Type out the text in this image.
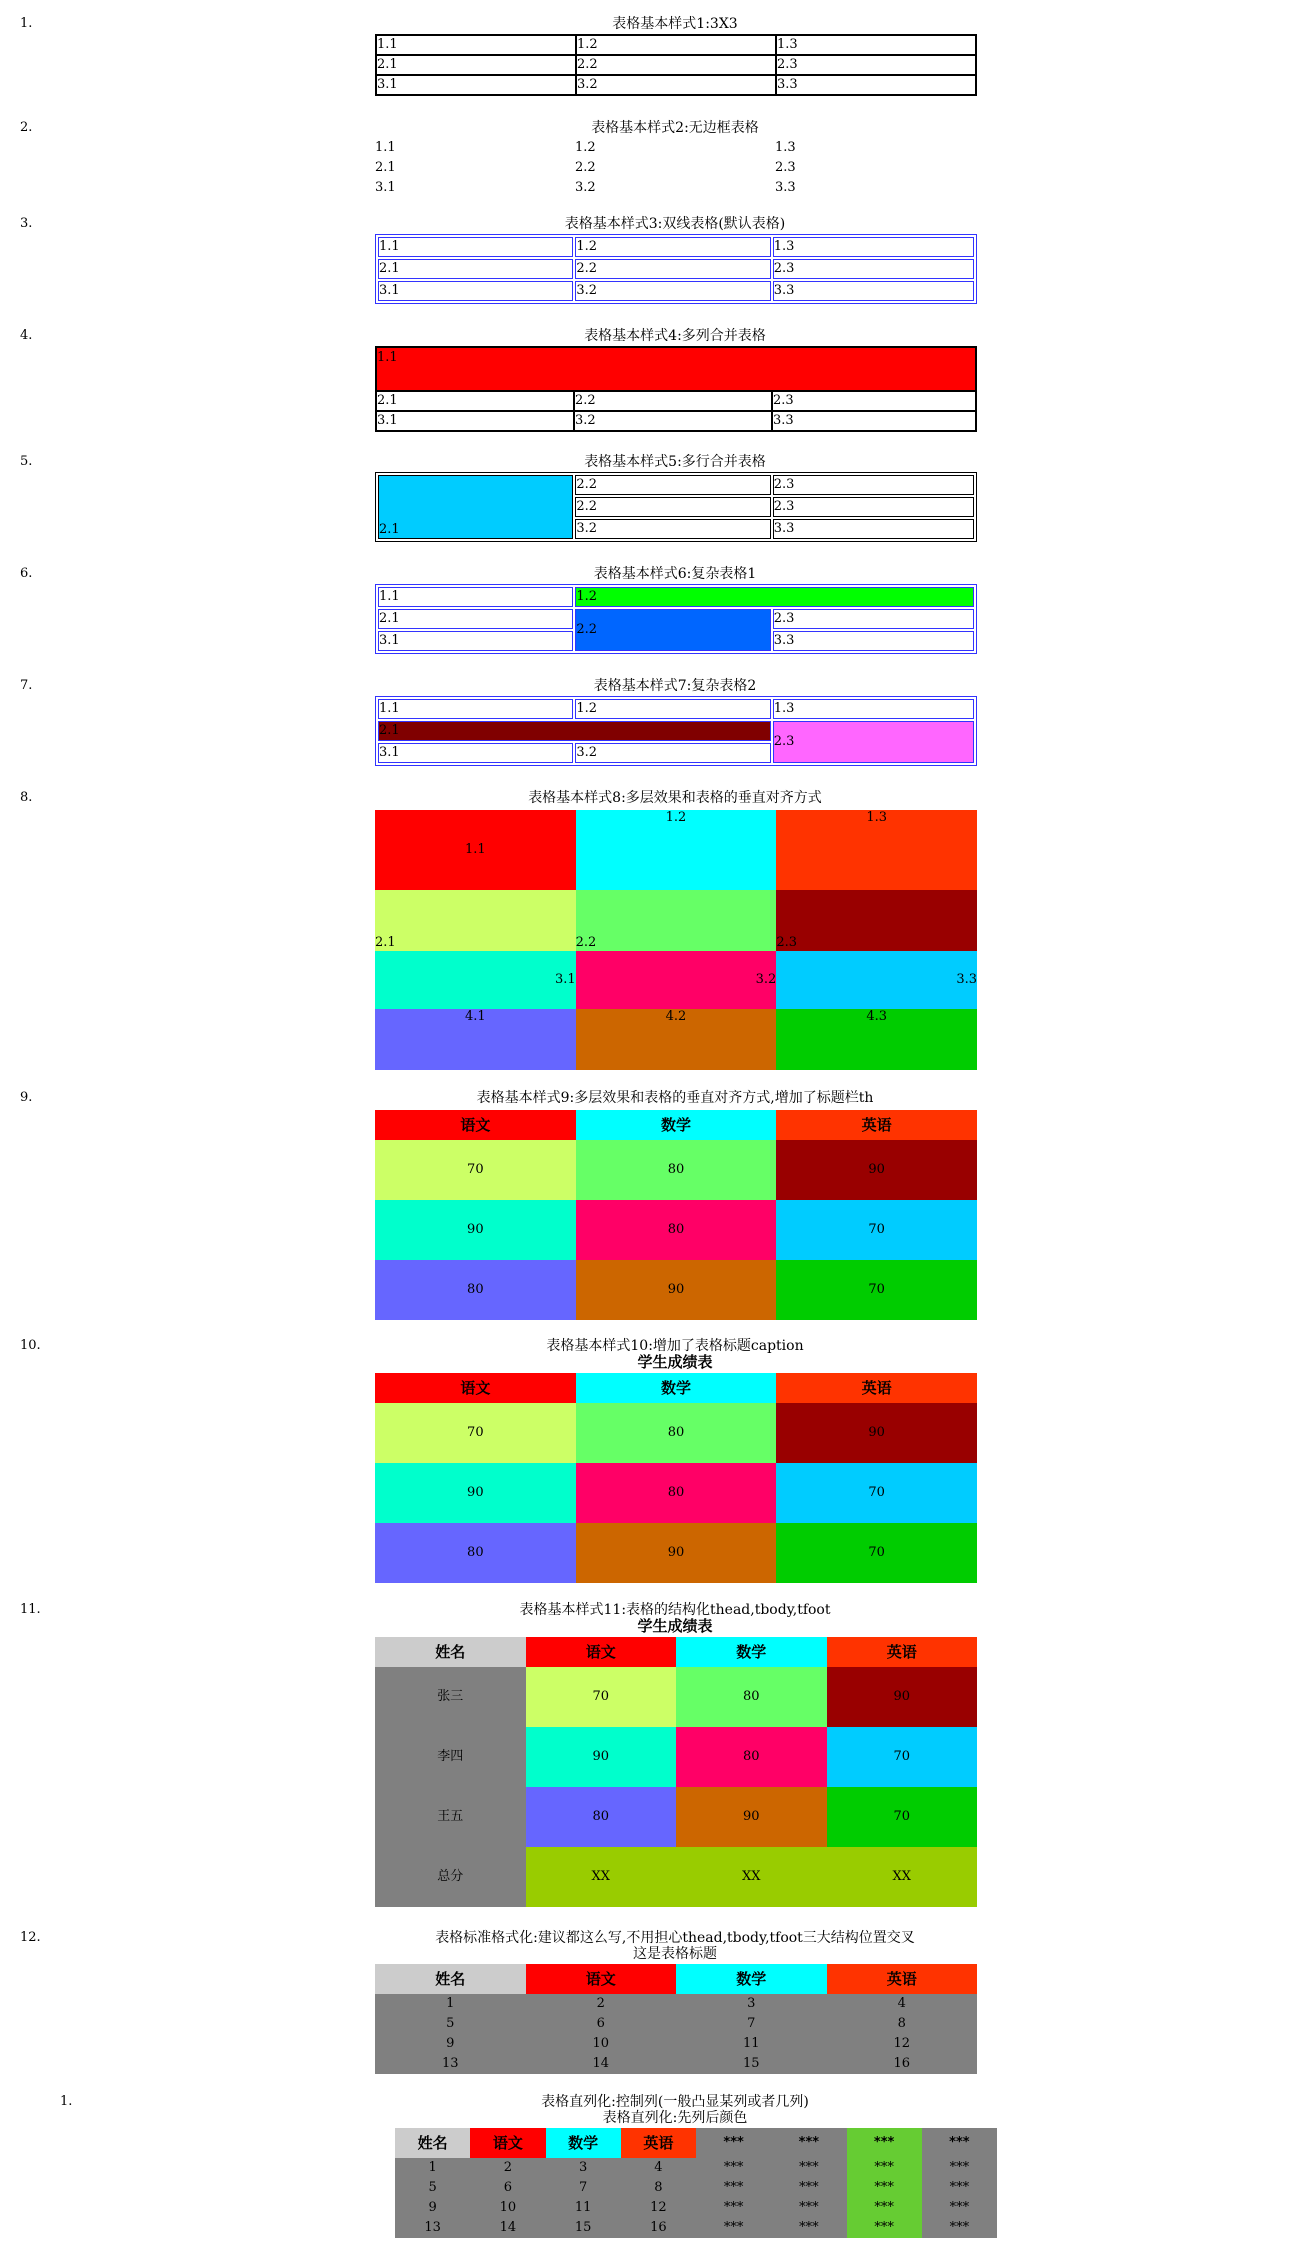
1.	表格基本样式1:3X3
1.1	1.2	1.3
2.1	2.2	2.3
3.1	3.2	3.3
2.	表格基本样式2:无边框表格
1.1	1.2	1.3
2.1	2.2	2.3
3.1	3.2	3.3
3.	表格基本样式3:双线表格(默认表格)
1.1	1.2	1.3
2.1	2.2	2.3
3.1	3.2	3.3
4.	表格基本样式4:多列合并表格
1.1		
2.1	2.2	2.3
3.1	3.2	3.3
5.	表格基本样式5:多行合并表格
2.1	2.2	2.3
	2.2	2.3
	3.2	3.3
6.	表格基本样式6:复杂表格1
1.1	1.2	
2.1	2.2	2.3
3.1		3.3
7.	表格基本样式7:复杂表格2
1.1	1.2	1.3
2.1		2.3
3.1	3.2	
8.	表格基本样式8:多层效果和表格的垂直对齐方式
1.1	1.2	1.3
2.1	2.2	2.3
3.1	3.2	3.3
4.1	4.2	4.3
9.	表格基本样式9:多层效果和表格的垂直对齐方式,增加了标题栏th
语文	数学	英语
70	80	90
90	80	70
80	90	70
10.	表格基本样式10:增加了表格标题caption
学生成绩表
语文	数学	英语
70	80	90
90	80	70
80	90	70
11.	表格基本样式11:表格的结构化thead,tbody,tfoot
学生成绩表
姓名	语文	数学	英语
张三	70	80	90
李四	90	80	70
王五	80	90	70
总分	XX	XX	XX
12.	表格标准格式化:建议都这么写,不用担心thead,tbody,tfoot三大结构位置交叉
这是表格标题
姓名	语文	数学	英语
1	2	3	4
5	6	7	8
9	10	11	12
13	14	15	16
1.	表格直列化:控制列(一般凸显某列或者几列)
表格直列化:先列后颜色
姓名	语文	数学	英语	***	***	***	***
1	2	3	4	***	***	***	***
5	6	7	8	***	***	***	***
9	10	11	12	***	***	***	***
13	14	15	16	***	***	***	***
